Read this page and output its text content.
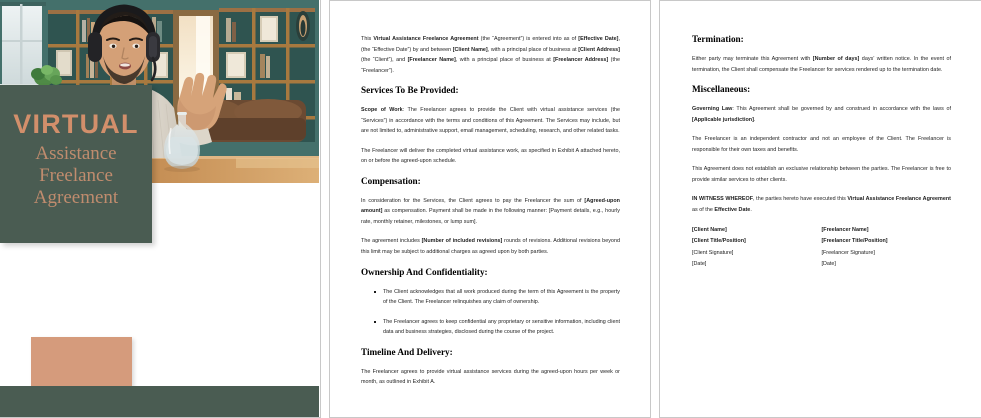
VIRTUAL
Assistance
Freelance
Agreement

This Virtual Assistance Freelance Agreement (the “Agreement”) is entered into as of [Effective Date], (the “Effective Date”) by and between [Client Name], with a principal place of business at [Client Address] (the “Client”), and [Freelancer Name], with a principal place of business at [Freelancer Address] (the “Freelancer”).

Services To Be Provided:

Scope of Work: The Freelancer agrees to provide the Client with virtual assistance services (the “Services”) in accordance with the terms and conditions of this Agreement. The Services may include, but are not limited to, administrative support, email management, scheduling, research, and other related tasks.

The Freelancer will deliver the completed virtual assistance work, as specified in Exhibit A attached hereto, on or before the agreed-upon schedule.

Compensation:

In consideration for the Services, the Client agrees to pay the Freelancer the sum of [Agreed-upon amount] as compensation. Payment shall be made in the following manner: [Payment details, e.g., hourly rate, monthly retainer, milestones, or lump sum].

The agreement includes [Number of included revisions] rounds of revisions. Additional revisions beyond this limit may be subject to additional charges as agreed upon by both parties.

Ownership And Confidentiality:
The Client acknowledges that all work produced during the term of this Agreement is the property of the Client. The Freelancer relinquishes any claim of ownership.
The Freelancer agrees to keep confidential any proprietary or sensitive information, including client data and business strategies, disclosed during the course of the project.
Timeline And Delivery:

The Freelancer agrees to provide virtual assistance services during the agreed-upon hours per week or month, as outlined in Exhibit A.

Termination:

Either party may terminate this Agreement with [Number of days] days’ written notice. In the event of termination, the Client shall compensate the Freelancer for services rendered up to the termination date.

Miscellaneous:

Governing Law: This Agreement shall be governed by and construed in accordance with the laws of [Applicable jurisdiction].

The Freelancer is an independent contractor and not an employee of the Client. The Freelancer is responsible for their own taxes and benefits.

This Agreement does not establish an exclusive relationship between the parties. The Freelancer is free to provide similar services to other clients.

IN WITNESS WHEREOF, the parties hereto have executed this Virtual Assistance Freelance Agreement as of the Effective Date.

[Client Name]

[Client Title/Position]

[Client Signature]

[Date]

[Freelancer Name]

[Freelancer Title/Position]

[Freelancer Signature]

[Date]
